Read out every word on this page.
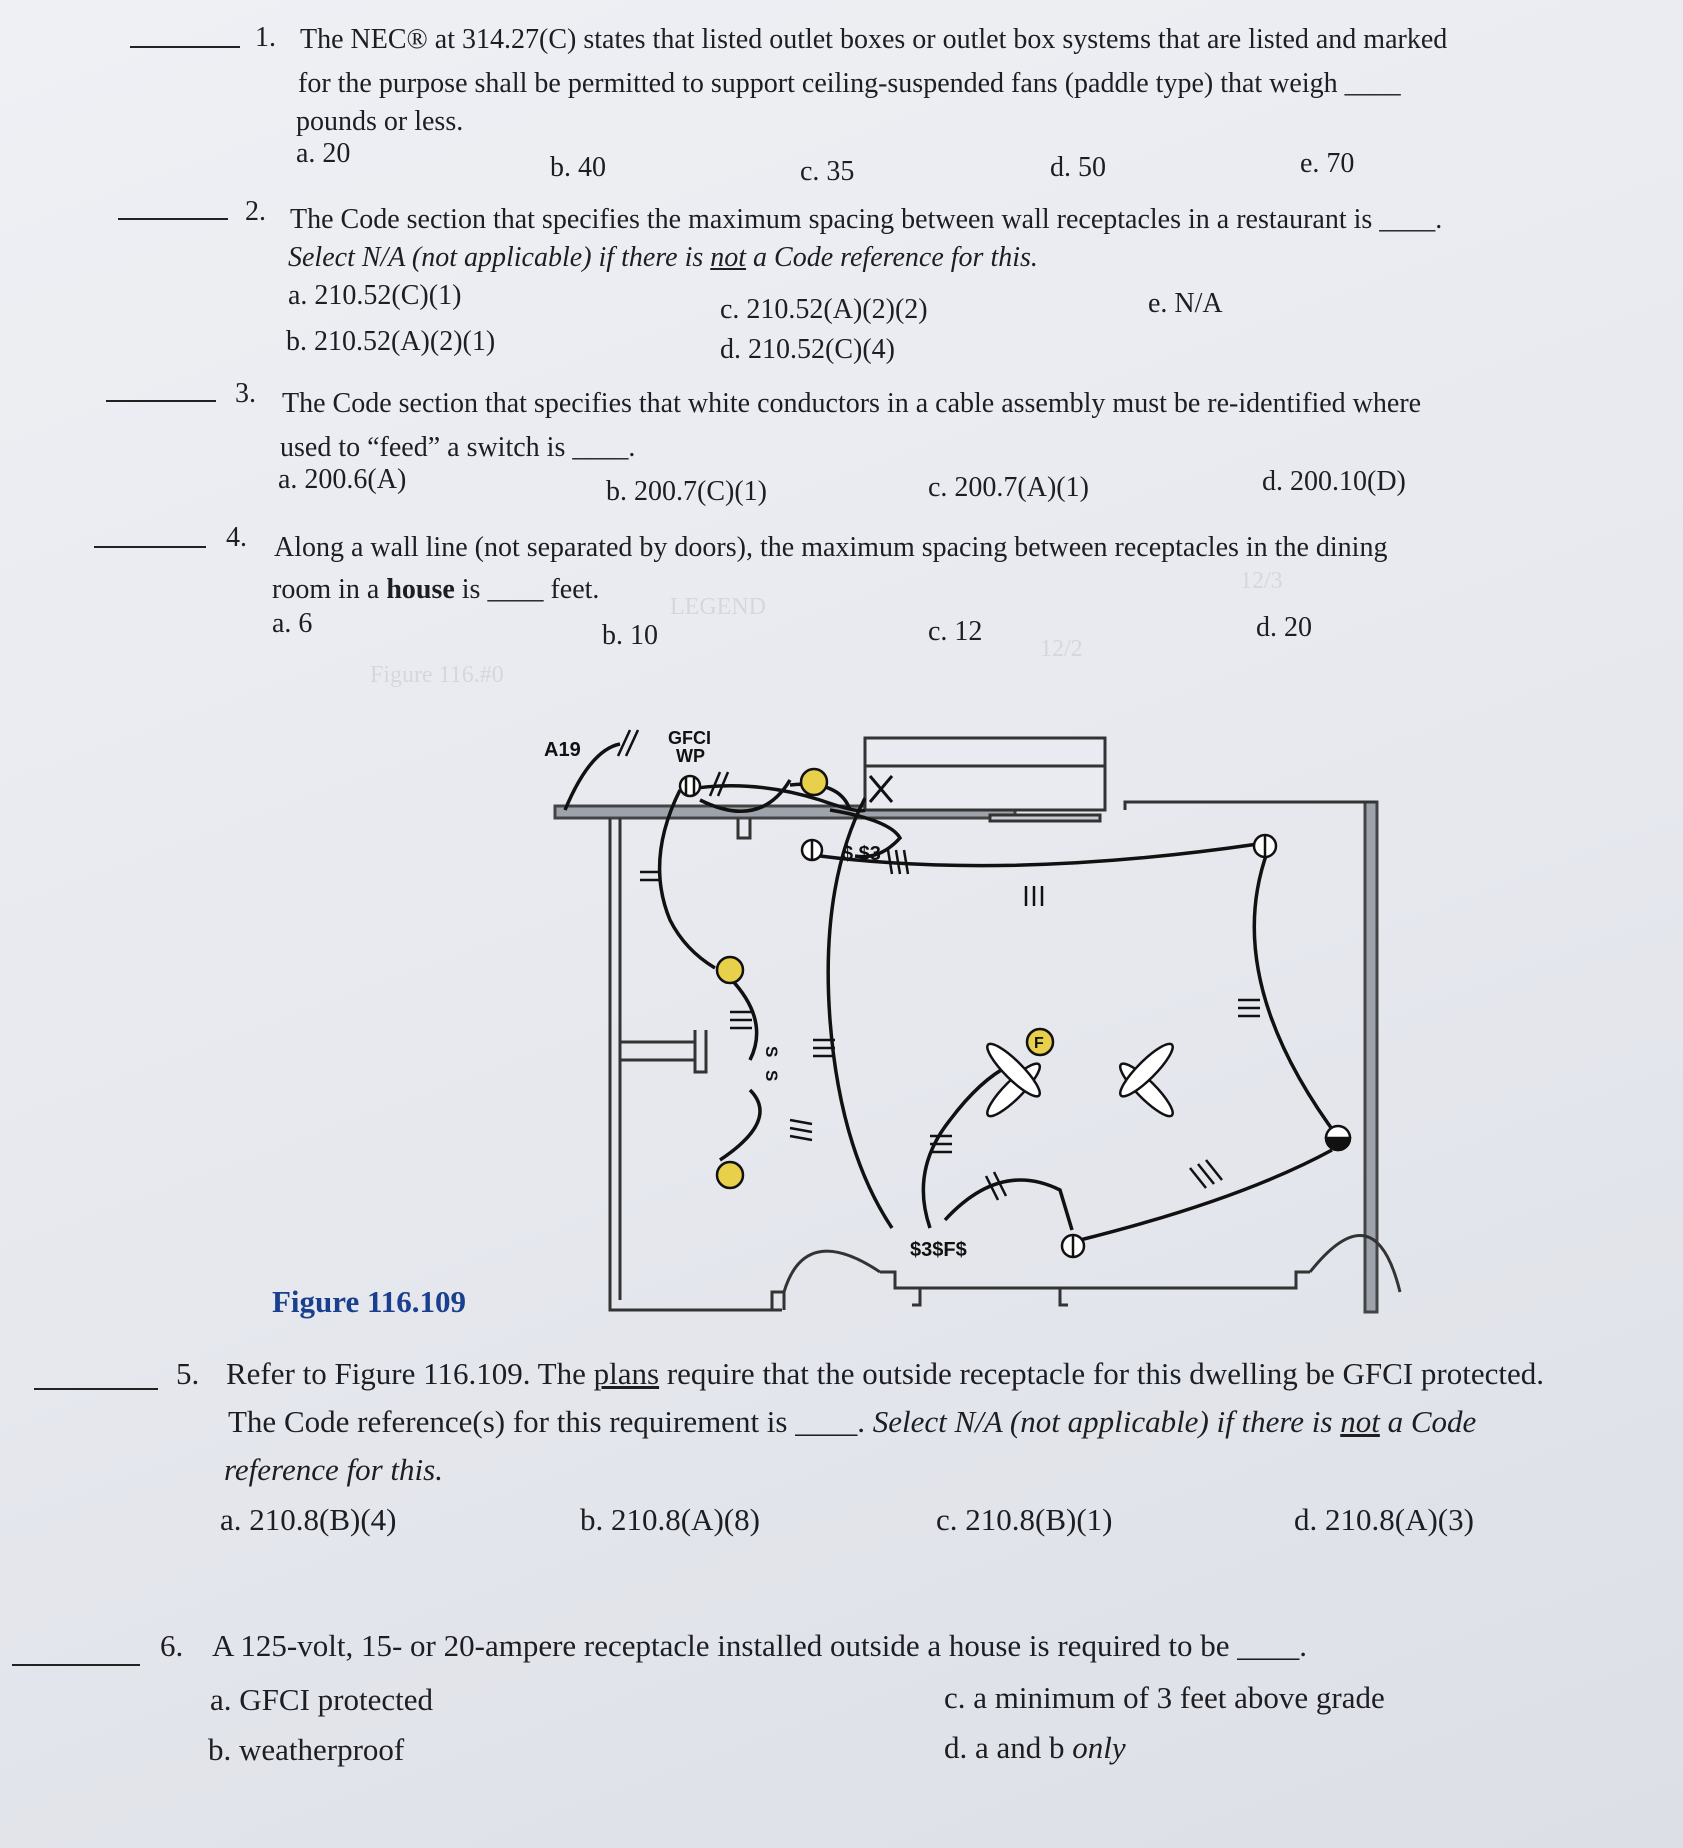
LEGEND
Figure 116.#0
12/2
12/3
1. The NEC® at 314.27(C) states that listed outlet boxes or outlet box systems that are listed and marked
for the purpose shall be permitted to support ceiling-suspended fans (paddle type) that weigh ____
pounds or less.
a. 20	b. 40	c. 35	d. 50	e. 70
2. The Code section that specifies the maximum spacing between wall receptacles in a restaurant is ____.
Select N/A (not applicable) if there is not a Code reference for this.
a. 210.52(C)(1)
b. 210.52(A)(2)(1)
c. 210.52(A)(2)(2)
d. 210.52(C)(4)
e. N/A
3. The Code section that specifies that white conductors in a cable assembly must be re-identified where
used to “feed” a switch is ____.
a. 200.6(A)	b. 200.7(C)(1)	c. 200.7(A)(1)	d. 200.10(D)
4. Along a wall line (not separated by doors), the maximum spacing between receptacles in the dining
room in a house is ____ feet.
a. 6	b. 10	c. 12	d. 20
A19
GFCI
WP
$ $3
$3$F$
F
S
S
Figure 116.109
5. Refer to Figure 116.109. The plans require that the outside receptacle for this dwelling be GFCI protected.
The Code reference(s) for this requirement is ____. Select N/A (not applicable) if there is not a Code
reference for this.
a. 210.8(B)(4)	b. 210.8(A)(8)	c. 210.8(B)(1)	d. 210.8(A)(3)
6. A 125-volt, 15- or 20-ampere receptacle installed outside a house is required to be ____.
a. GFCI protected
b. weatherproof
c. a minimum of 3 feet above grade
d. a and b only
